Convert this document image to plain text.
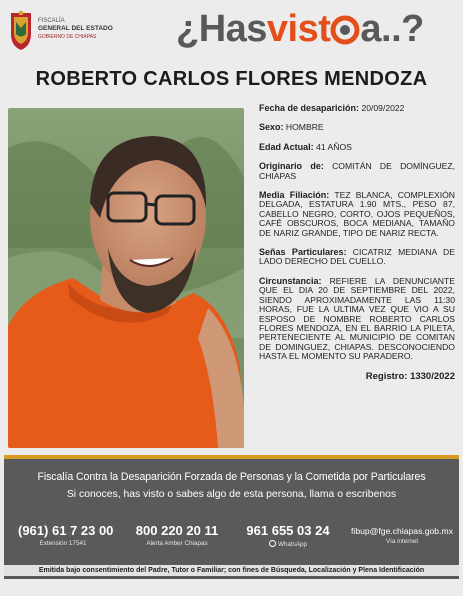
FISCALÍA
GENERAL DEL ESTADO
GOBIERNO DE CHIAPAS	¿Has vist a..?
ROBERTO CARLOS FLORES MENDOZA
Fecha de desaparición: 20/09/2022
Sexo: HOMBRE
Edad Actual: 41 AÑOS
Originario de: COMITÁN DE DOMÍNGUEZ, CHIAPAS
Media Filiación: TEZ BLANCA, COMPLEXIÓN DELGADA, ESTATURA 1.90 MTS., PESO 87, CABELLO NEGRO, CORTO, OJOS PEQUEÑOS, CAFÉ OBSCUROS, BOCA MEDIANA, TAMAÑO DE NARIZ GRANDE, TIPO DE NARIZ RECTA.
Señas Particulares: CICATRIZ MEDIANA DE LADO DERECHO DEL CUELLO.
Circunstancia: REFIERE LA DENUNCIANTE QUE EL DIA 20 DE SEPTIEMBRE DEL 2022, SIENDO APROXIMADAMENTE LAS 11:30 HORAS, FUE LA ULTIMA VEZ QUE VIO A SU ESPOSO DE NOMBRE ROBERTO CARLOS FLORES MENDOZA, EN EL BARRIO LA PILETA, PERTENECIENTE AL MUNICIPIO DE COMITAN DE DOMINGUEZ, CHIAPAS. DESCONOCIENDO HASTA EL MOMENTO SU PARADERO.
Registro: 1330/2022
Fiscalía Contra la Desaparición Forzada de Personas y la Cometida por Particulares
Si conoces, has visto o sabes algo de esta persona, llama o escribenos
(961) 61 7 23 00
Extensión 17541
800 220 20 11
Alerta Amber Chiapas
961 655 03 24
WhatsApp
fibup@fge.chiapas.gob.mx
Vía internet
Emitida bajo consentimiento del Padre, Tutor o Familiar; con fines de Búsqueda, Localización y Plena Identificación
